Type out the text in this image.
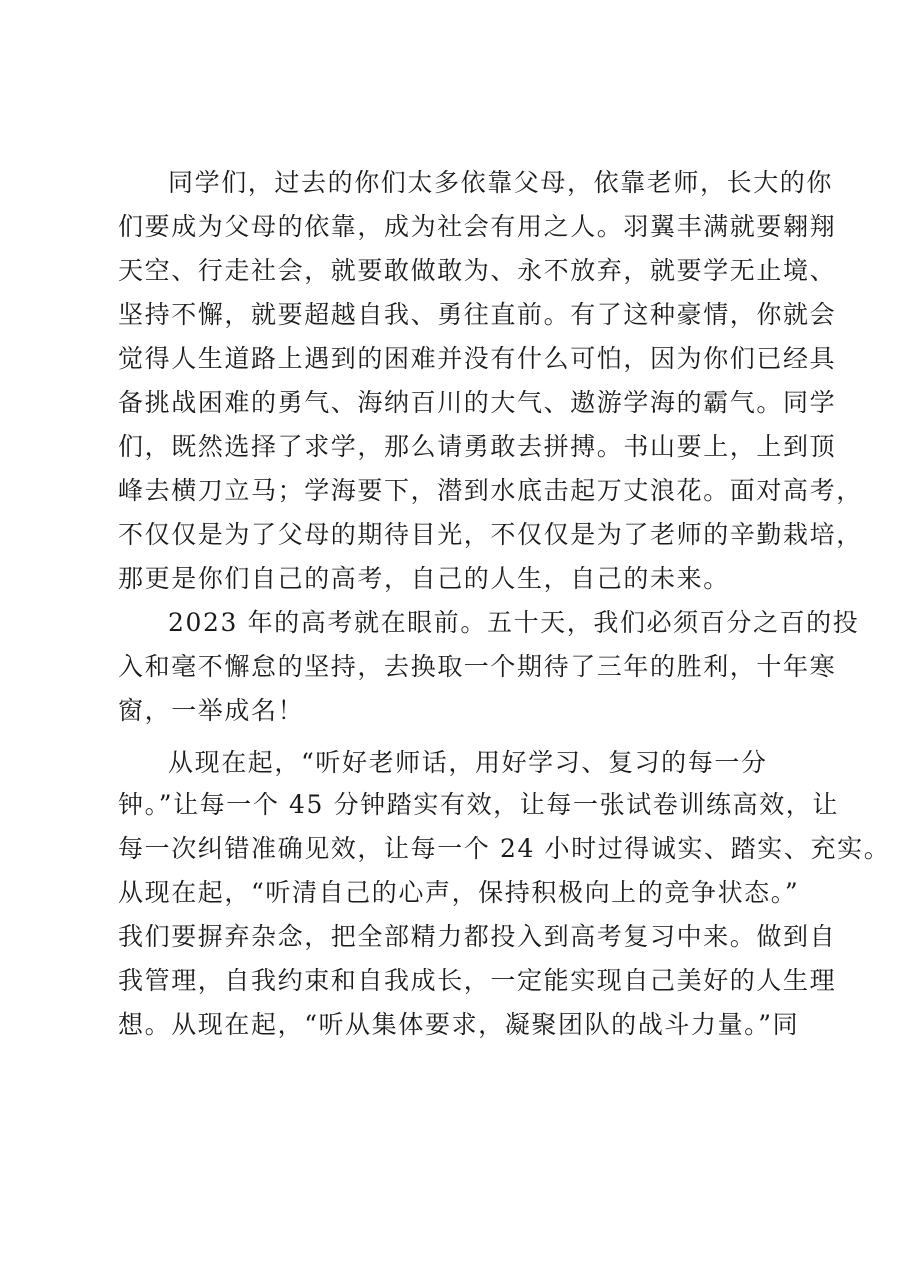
同学们，过去的你们太多依靠父母，依靠老师，长大的你
们要成为父母的依靠，成为社会有用之人。羽翼丰满就要翱翔
天空、行走社会，就要敢做敢为、永不放弃，就要学无止境、
坚持不懈，就要超越自我、勇往直前。有了这种豪情，你就会
觉得人生道路上遇到的困难并没有什么可怕，因为你们已经具
备挑战困难的勇气、海纳百川的大气、遨游学海的霸气。同学
们，既然选择了求学，那么请勇敢去拼搏。书山要上，上到顶
峰去横刀立马；学海要下，潜到水底击起万丈浪花。面对高考，
不仅仅是为了父母的期待目光，不仅仅是为了老师的辛勤栽培，
那更是你们自己的高考，自己的人生，自己的未来。
2023 年的高考就在眼前。五十天，我们必须百分之百的投
入和毫不懈怠的坚持，去换取一个期待了三年的胜利，十年寒
窗，一举成名！
从现在起，“听好老师话，用好学习、复习的每一分
钟。”让每一个 45 分钟踏实有效，让每一张试卷训练高效，让
每一次纠错准确见效，让每一个 24 小时过得诚实、踏实、充实。
从现在起，“听清自己的心声，保持积极向上的竞争状态。”
我们要摒弃杂念，把全部精力都投入到高考复习中来。做到自
我管理，自我约束和自我成长，一定能实现自己美好的人生理
想。从现在起，“听从集体要求，凝聚团队的战斗力量。”同
